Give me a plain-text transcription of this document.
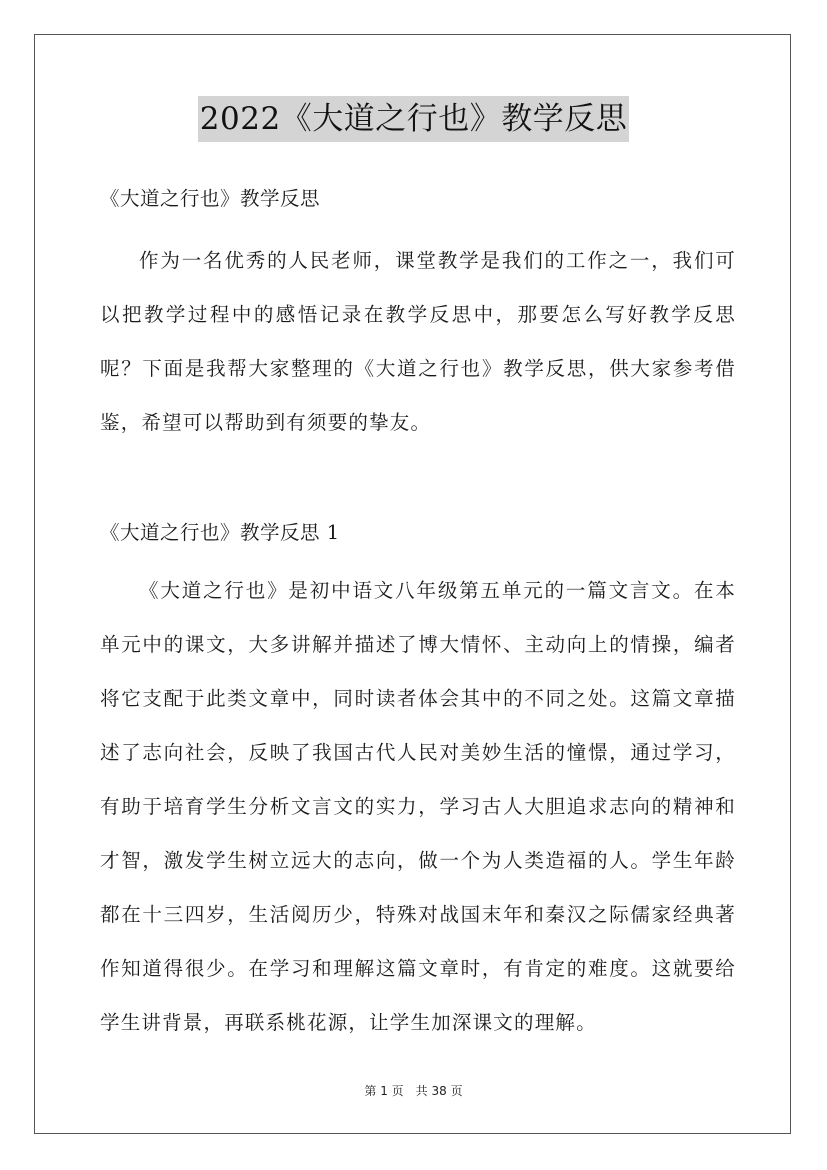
2022《大道之行也》教学反思

《大道之行也》教学反思

作为一名优秀的人民老师，课堂教学是我们的工作之一，我们可以把教学过程中的感悟记录在教学反思中，那要怎么写好教学反思呢？下面是我帮大家整理的《大道之行也》教学反思，供大家参考借鉴，希望可以帮助到有须要的挚友。

《大道之行也》教学反思 1

《大道之行也》是初中语文八年级第五单元的一篇文言文。在本单元中的课文，大多讲解并描述了博大情怀、主动向上的情操，编者将它支配于此类文章中，同时读者体会其中的不同之处。这篇文章描述了志向社会，反映了我国古代人民对美妙生活的憧憬，通过学习，有助于培育学生分析文言文的实力，学习古人大胆追求志向的精神和才智，激发学生树立远大的志向，做一个为人类造福的人。学生年龄都在十三四岁，生活阅历少，特殊对战国末年和秦汉之际儒家经典著作知道得很少。在学习和理解这篇文章时，有肯定的难度。这就要给学生讲背景，再联系桃花源，让学生加深课文的理解。

第 1 页　共 38 页
